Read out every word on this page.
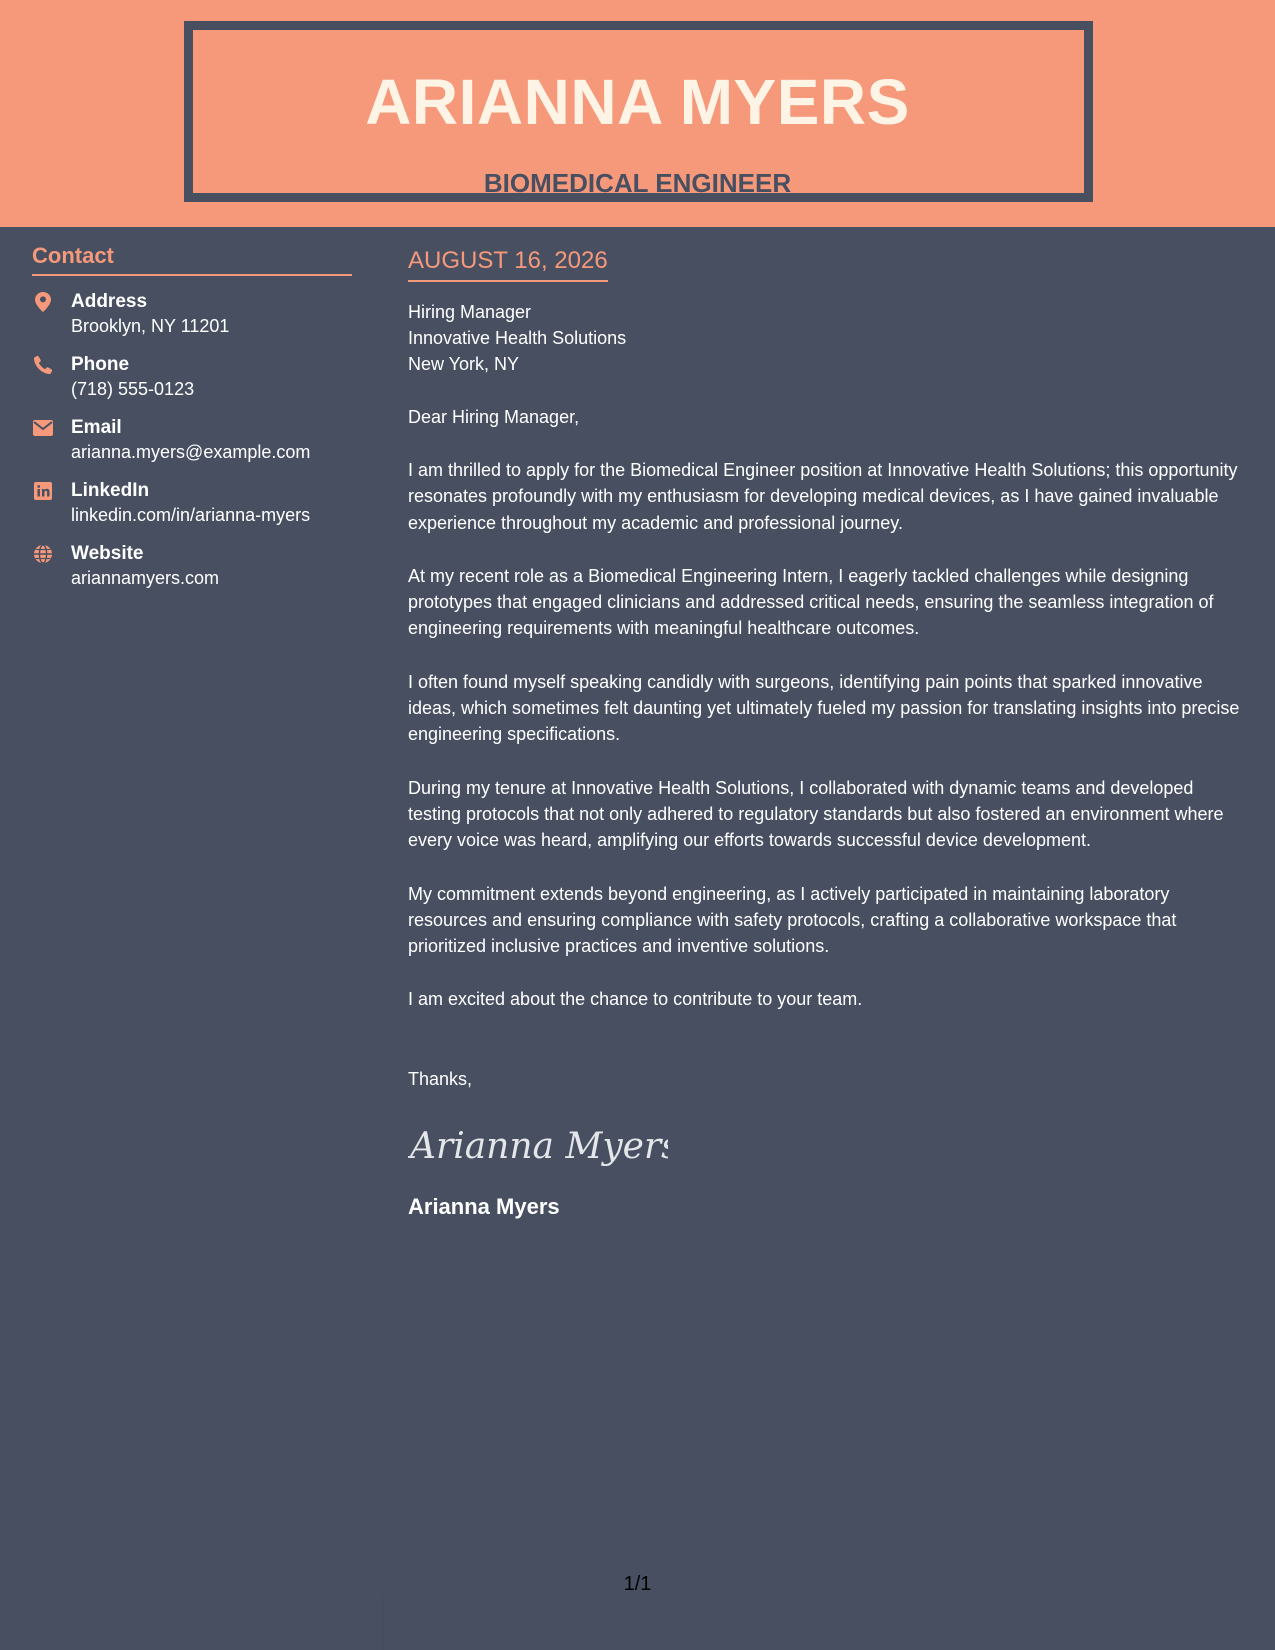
ARIANNA MYERS
BIOMEDICAL ENGINEER
Contact
Address
Brooklyn, NY 11201
Phone
(718) 555-0123
Email
arianna.myers@example.com
LinkedIn
linkedin.com/in/arianna-myers
Website
ariannamyers.com
AUGUST 16, 2026
Hiring Manager
Innovative Health Solutions
New York, NY
Dear Hiring Manager,
I am thrilled to apply for the Biomedical Engineer position at Innovative Health Solutions; this opportunity resonates profoundly with my enthusiasm for developing medical devices, as I have gained invaluable experience throughout my academic and professional journey.
At my recent role as a Biomedical Engineering Intern, I eagerly tackled challenges while designing prototypes that engaged clinicians and addressed critical needs, ensuring the seamless integration of engineering requirements with meaningful healthcare outcomes.
I often found myself speaking candidly with surgeons, identifying pain points that sparked innovative ideas, which sometimes felt daunting yet ultimately fueled my passion for translating insights into precise engineering specifications.
During my tenure at Innovative Health Solutions, I collaborated with dynamic teams and developed testing protocols that not only adhered to regulatory standards but also fostered an environment where every voice was heard, amplifying our efforts towards successful device development.
My commitment extends beyond engineering, as I actively participated in maintaining laboratory resources and ensuring compliance with safety protocols, crafting a collaborative workspace that prioritized inclusive practices and inventive solutions.
I am excited about the chance to contribute to your team.
Thanks,
Arianna Myers
Arianna Myers
1/1
